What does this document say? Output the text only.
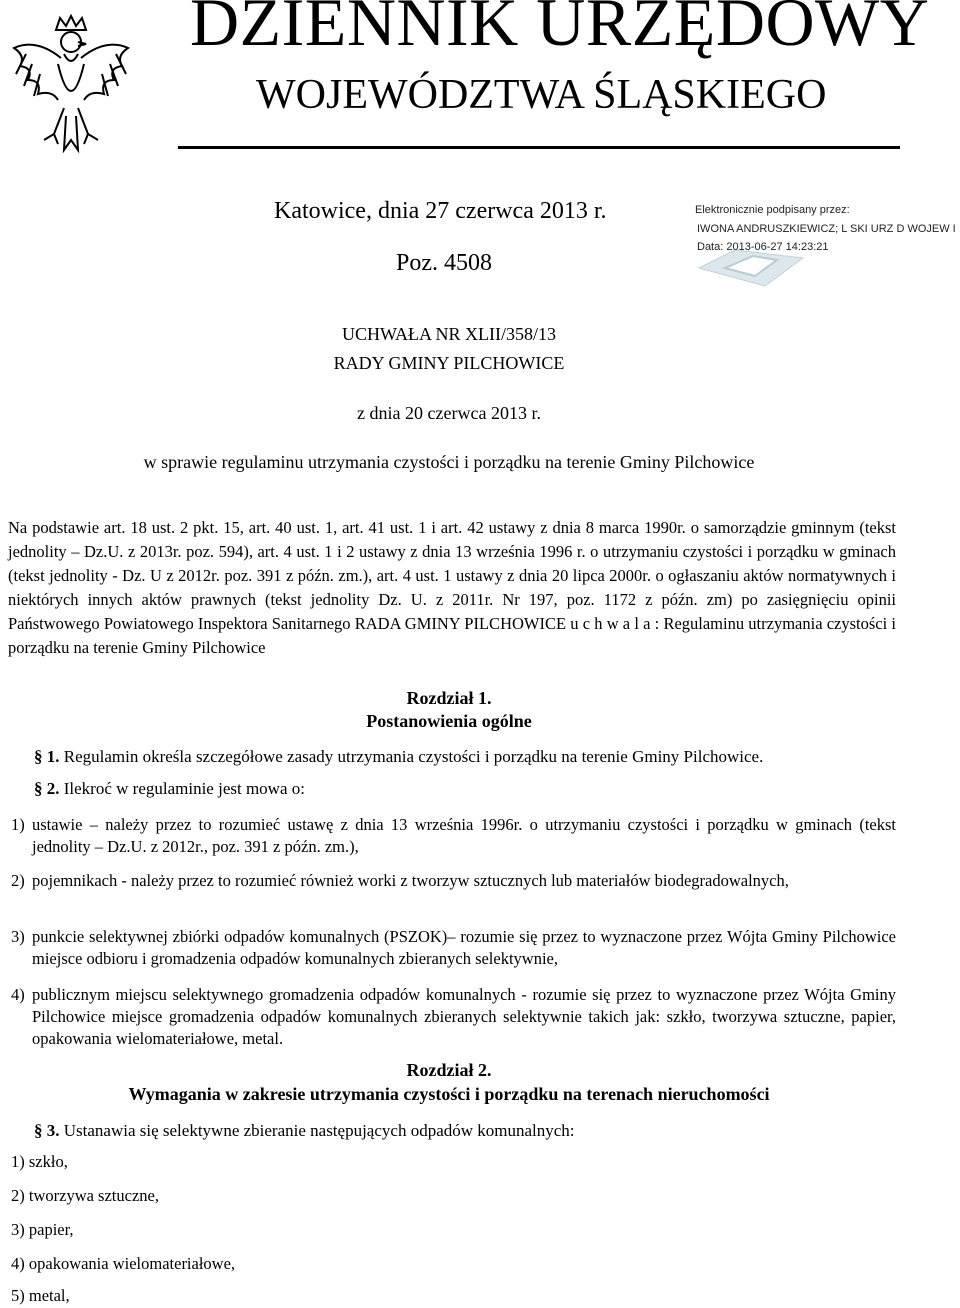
DZIENNIK URZĘDOWY
WOJEWÓDZTWA ŚLĄSKIEGO
Katowice, dnia 27 czerwca 2013 r.
Poz. 4508
Elektronicznie podpisany przez:
IWONA ANDRUSZKIEWICZ; L SKI URZ D WOJEW I
Data: 2013-06-27 14:23:21
UCHWAŁA NR XLII/358/13
RADY GMINY PILCHOWICE
z dnia 20 czerwca 2013 r.
w sprawie regulaminu utrzymania czystości i porządku na terenie Gminy Pilchowice
Na podstawie art. 18 ust. 2 pkt. 15, art. 40 ust. 1, art. 41 ust. 1 i art. 42 ustawy z dnia 8 marca 1990r. o samorządzie gminnym (tekst jednolity – Dz.U. z 2013r. poz. 594), art. 4 ust. 1 i 2 ustawy z dnia 13 września 1996 r. o utrzymaniu czystości i porządku w gminach (tekst jednolity - Dz. U z 2012r. poz. 391 z późn. zm.), art. 4 ust. 1 ustawy z dnia 20 lipca 2000r. o ogłaszaniu aktów normatywnych i niektórych innych aktów prawnych (tekst jednolity Dz. U. z 2011r. Nr 197, poz. 1172 z późn. zm) po zasięgnięciu opinii Państwowego Powiatowego Inspektora Sanitarnego RADA GMINY PILCHOWICE u c h w a l a : Regulaminu utrzymania czystości i porządku na terenie Gminy Pilchowice
Rozdział 1.
Postanowienia ogólne
§ 1. Regulamin określa szczegółowe zasady utrzymania czystości i porządku na terenie Gminy Pilchowice.
§ 2. Ilekroć w regulaminie jest mowa o:
1) ustawie – należy przez to rozumieć ustawę z dnia 13 września 1996r. o utrzymaniu czystości i porządku w gminach (tekst jednolity – Dz.U. z 2012r., poz. 391 z późn. zm.),
2) pojemnikach - należy przez to rozumieć również worki z tworzyw sztucznych lub materiałów biodegradowalnych,
3) punkcie selektywnej zbiórki odpadów komunalnych (PSZOK)– rozumie się przez to wyznaczone przez Wójta Gminy Pilchowice miejsce odbioru i gromadzenia odpadów komunalnych zbieranych selektywnie,
4) publicznym miejscu selektywnego gromadzenia odpadów komunalnych - rozumie się przez to wyznaczone przez Wójta Gminy Pilchowice miejsce gromadzenia odpadów komunalnych zbieranych selektywnie takich jak: szkło, tworzywa sztuczne, papier, opakowania wielomateriałowe, metal.
Rozdział 2.
Wymagania w zakresie utrzymania czystości i porządku na terenach nieruchomości
§ 3. Ustanawia się selektywne zbieranie następujących odpadów komunalnych:
1) szkło,
2) tworzywa sztuczne,
3) papier,
4) opakowania wielomateriałowe,
5) metal,
